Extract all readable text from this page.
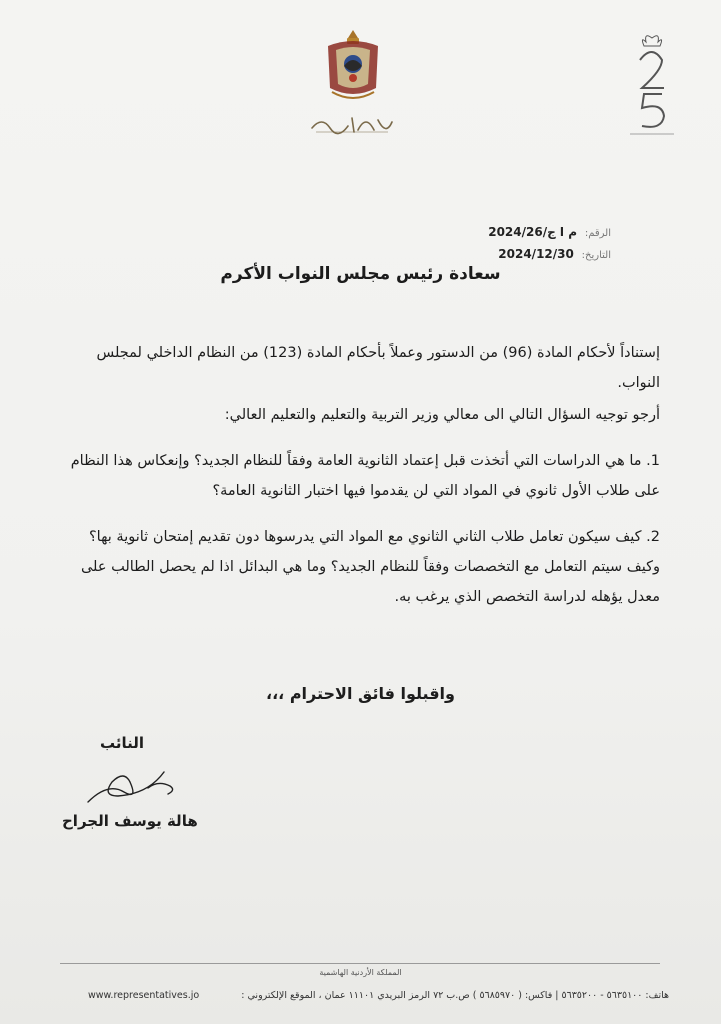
الرقم: م ا ج/2024/26
التاريخ: 2024/12/30
سعادة رئيس مجلس النواب الأكرم
إستناداً لأحكام المادة (96) من الدستور وعملاً بأحكام المادة (123) من النظام الداخلي لمجلس النواب.
أرجو توجيه السؤال التالي الى معالي وزير التربية والتعليم والتعليم العالي:
1. ما هي الدراسات التي أتخذت قبل إعتماد الثانوية العامة وفقاً للنظام الجديد؟ وإنعكاس هذا النظام على طلاب الأول ثانوي في المواد التي لن يقدموا فيها اختبار الثانوية العامة؟
2. كيف سيكون تعامل طلاب الثاني الثانوي مع المواد التي يدرسوها دون تقديم إمتحان ثانوية بها؟ وكيف سيتم التعامل مع التخصصات وفقاً للنظام الجديد؟ وما هي البدائل اذا لم يحصل الطالب على معدل يؤهله لدراسة التخصص الذي يرغب به.
واقبلوا فائق الاحترام ،،،
النائب
هالة يوسف الجراح
المملكة الأردنية الهاشمية
هاتف: ٥٦٣٥١٠٠ - ٥٦٣٥٢٠٠ | فاكس: ( ٥٦٨٥٩٧٠ ) ص.ب ٧٢ الرمز البريدي ١١١٠١ عمان ، الموقع الإلكتروني :
www.representatives.jo
